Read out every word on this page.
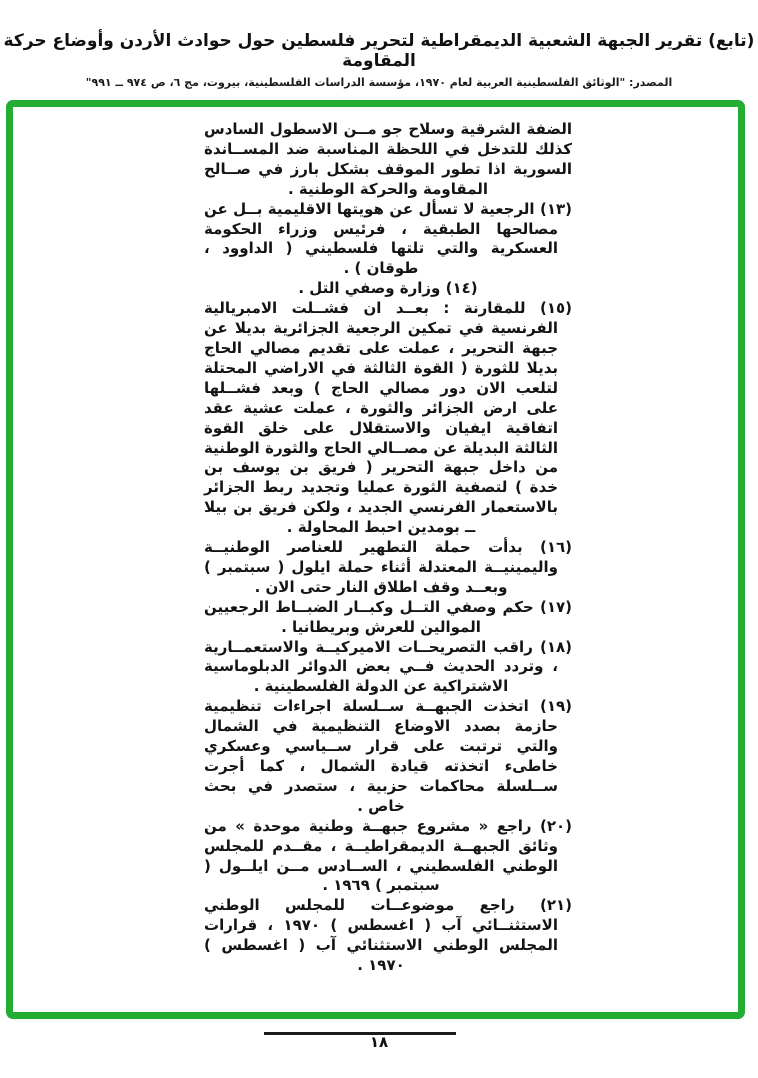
(تابع) تقرير الجبهة الشعبية الديمقراطية لتحرير فلسطين حول حوادث الأردن وأوضاع حركة المقاومة
المصدر: "الوثائق الفلسطينية العربية لعام ١٩٧٠، مؤسسة الدراسات الفلسطينية، بيروت، مج ٦، ص ٩٧٤ ــ ٩٩١"

الضفة الشرقية وسلاح جو مــن الاسطول السادس كذلك للتدخل في اللحظة المناسبة ضد المســاندة السورية اذا تطور الموقف بشكل بارز في صــالح المقاومة والحركة الوطنية .

(١٣) الرجعية لا تسأل عن هويتها الاقليمية بــل عن مصالحها الطبقية ، فرئيس وزراء الحكومة العسكرية والتي تلتها فلسطيني ( الداوود ، طوقان ) .

(١٤) وزارة وصفي التل .

(١٥) للمقارنة : بعــد ان فشــلت الامبريالية الفرنسية في تمكين الرجعية الجزائرية بديلا عن جبهة التحرير ، عملت على تقديم مصالي الحاج بديلا للثورة ( القوة الثالثة في الاراضي المحتلة لتلعب الان دور مصالي الحاج ) وبعد فشــلها على ارض الجزائر والثورة ، عملت عشية عقد اتفاقية ايفيان والاستقلال على خلق القوة الثالثة البديلة عن مصــالي الحاج والثورة الوطنية من داخل جبهة التحرير ( فريق بن يوسف بن خدة ) لتصفية الثورة عمليا وتجديد ربط الجزائر بالاستعمار الفرنسي الجديد ، ولكن فريق بن بيلا ــ بومدين احبط المحاولة .

(١٦) بدأت حملة التطهير للعناصر الوطنيــة واليمينيــة المعتدلة أثناء حملة ايلول ( سبتمبر ) وبعــد وقف اطلاق النار حتى الان .

(١٧) حكم وصفي التــل وكبــار الضبــاط الرجعيين الموالين للعرش وبريطانيا .

(١٨) راقب التصريحــات الاميركيــة والاستعمــارية ، وتردد الحديث فــي بعض الدوائر الدبلوماسية الاشتراكية عن الدولة الفلسطينية .

(١٩) اتخذت الجبهــة ســلسلة اجراءات تنظيمية حازمة بصدد الاوضاع التنظيمية في الشمال والتي ترتبت على قرار ســياسي وعسكري خاطىء اتخذته قيادة الشمال ، كما أجرت ســلسلة محاكمات حزبية ، ستصدر في بحث خاص .

(٢٠) راجع « مشروع جبهــة وطنية موحدة » من وثائق الجبهــة الديمقراطيــة ، مقــدم للمجلس الوطني الفلسطيني ، الســادس مــن ايلــول ( سبتمبر ) ١٩٦٩ .

(٢١) راجع موضوعــات للمجلس الوطني الاستثنــائي آب ( اغسطس ) ١٩٧٠ ، قرارات المجلس الوطني الاستثنائي آب ( اغسطس ) ١٩٧٠ .

١٨
